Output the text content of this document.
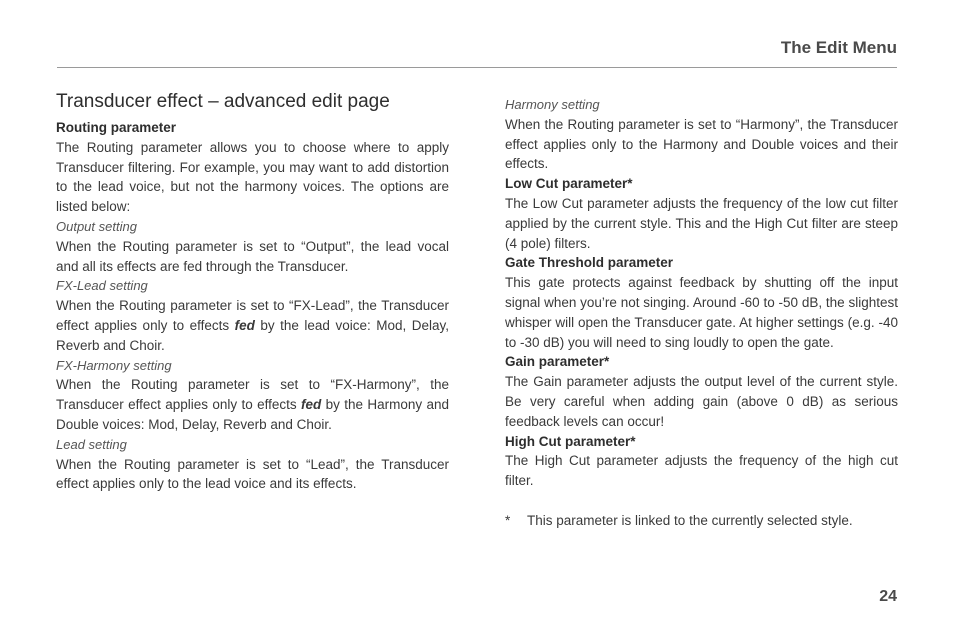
The Edit Menu
Transducer effect – advanced edit page
Routing parameter
The Routing parameter allows you to choose where to apply Transducer filtering. For example, you may want to add distortion to the lead voice, but not the harmony voices. The options are listed below:
Output setting
When the Routing parameter is set to “Output”, the lead vocal and all its effects are fed through the Transducer.
FX-Lead setting
When the Routing parameter is set to “FX-Lead”, the Transducer effect applies only to effects fed by the lead voice: Mod, Delay, Reverb and Choir.
FX-Harmony setting
When the Routing parameter is set to “FX-Harmony”, the Transducer effect applies only to effects fed by the Harmony and Double voices: Mod, Delay, Reverb and Choir.
Lead setting
When the Routing parameter is set to “Lead”, the Transducer effect applies only to the lead voice and its effects.
Harmony setting
When the Routing parameter is set to “Harmony”, the Transducer effect applies only to the Harmony and Double voices and their effects.
Low Cut parameter*
The Low Cut parameter adjusts the frequency of the low cut filter applied by the current style. This and the High Cut filter are steep (4 pole) filters.
Gate Threshold parameter
This gate protects against feedback by shutting off the input signal when you’re not singing. Around -60 to -50 dB, the slightest whisper will open the Transducer gate. At higher settings (e.g. -40 to -30 dB) you will need to sing loudly to open the gate.
Gain parameter*
The Gain parameter adjusts the output level of the current style. Be very careful when adding gain (above 0 dB) as serious feedback levels can occur!
High Cut parameter*
The High Cut parameter adjusts the frequency of the high cut filter.
* This parameter is linked to the currently selected style.
24
